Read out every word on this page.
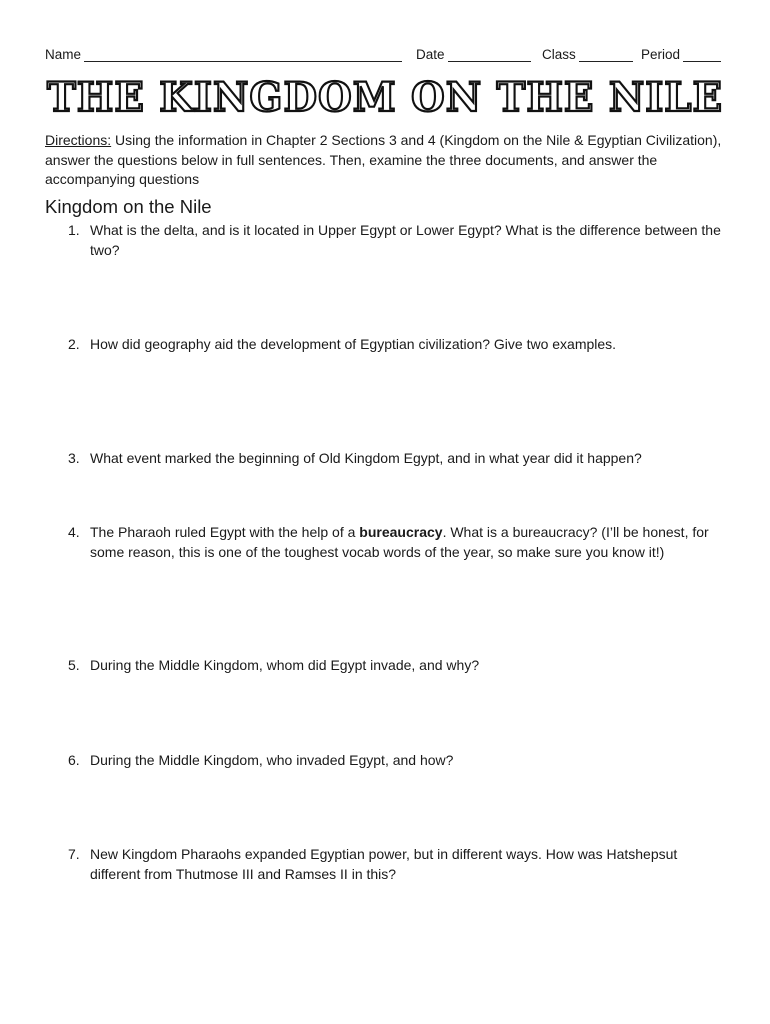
Name	Date	Class	Period
THE KINGDOM ON THE NILE
Directions: Using the information in Chapter 2 Sections 3 and 4 (Kingdom on the Nile & Egyptian Civilization), answer the questions below in full sentences. Then, examine the three documents, and answer the accompanying questions
Kingdom on the Nile
1. What is the delta, and is it located in Upper Egypt or Lower Egypt? What is the difference between the two?
2. How did geography aid the development of Egyptian civilization? Give two examples.
3. What event marked the beginning of Old Kingdom Egypt, and in what year did it happen?
4. The Pharaoh ruled Egypt with the help of a bureaucracy. What is a bureaucracy? (I’ll be honest, for some reason, this is one of the toughest vocab words of the year, so make sure you know it!)
5. During the Middle Kingdom, whom did Egypt invade, and why?
6. During the Middle Kingdom, who invaded Egypt, and how?
7. New Kingdom Pharaohs expanded Egyptian power, but in different ways. How was Hatshepsut different from Thutmose III and Ramses II in this?
